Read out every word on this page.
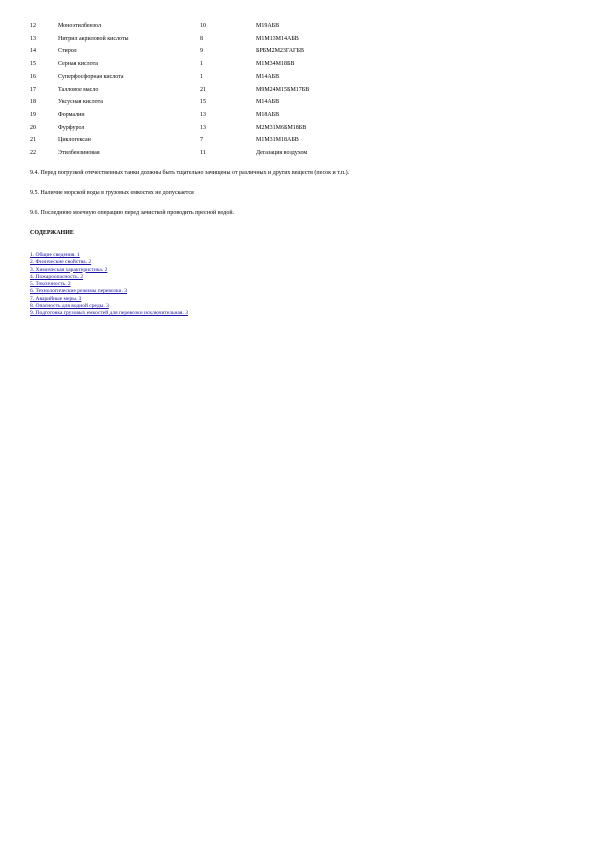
12	Моноэтилбензол	10	М19АБВ
13	Нитрил акриловой кислоты	8	М1М13М14АБВ
14	Стирол	9	БРБМ2М23ГАГБВ
15	Серная кислота	1	М1М34М18БВ
16	Суперфосфорная кислота	1	М14АБВ
17	Талловое масло	21	М9М24М15БМ17БВ
18	Уксусная кислота	15	М14АБВ
19	Формалин	13	М18АБВ
20	Фурфурол	13	М2М31М6БМ18БВ
21	Циклогексан	7	М1М31М18АБВ
22	Этилбензиновая	11	Дегазация воздухом

9.4. Перед погрузкой отечественных танки должны быть тщательно зачищены от различных и других веществ (песок и т.п.).

9.5. Наличие морской воды в грузовых емкостях не допускается

9.6. Последнюю моечную операцию перед зачисткой проводить пресной водой.

СОДЕРЖАНИЕ

1. Общие сведения. 1
2. Физические свойства. 2
3. Химическая характеристика. 2
4. Пожароопасность. 2
5. Токсичность. 2
6. Технологические режимы перевозки. 3
7. Аварийные меры. 3
8. Опасность для водной среды. 3
9. Подготовка грузовых емкостей для перевозки исключительная. 3
